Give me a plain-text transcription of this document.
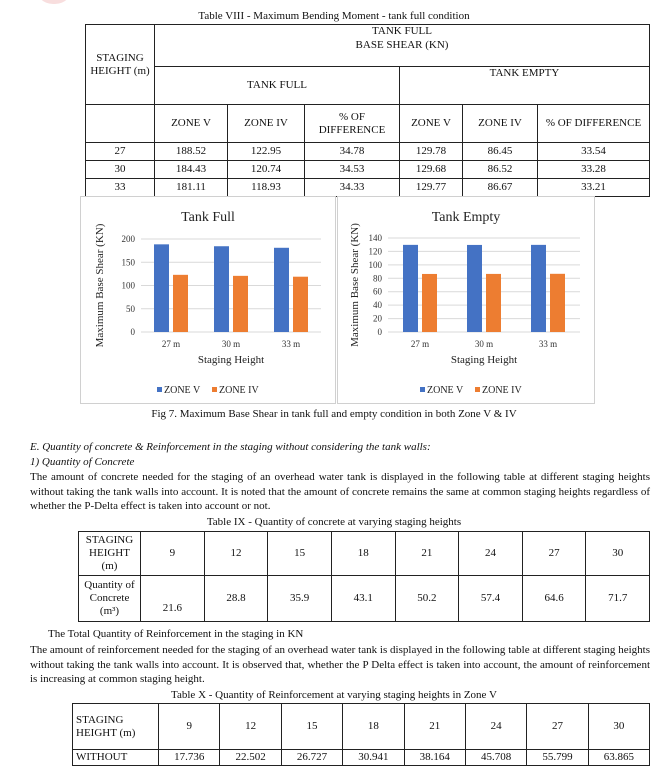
Table VIII - Maximum Bending Moment - tank full condition
STAGING HEIGHT (m)	TANK FULL					
	BASE SHEAR (KN)					
	TANK FULL			TANK EMPTY		
	ZONE V	ZONE IV	% OF DIFFERENCE	ZONE V	ZONE IV	% OF DIFFERENCE
27	188.52	122.95	34.78	129.78	86.45	33.54
30	184.43	120.74	34.53	129.68	86.52	33.28
33	181.11	118.93	34.33	129.77	86.67	33.21
Tank Full
0
50
100
150
200
Maximum Base Shear (KN)	27 m	30 m	33 m
Staging Height
ZONE V ZONE IV
Tank Empty
0
20
40
60
80
100
120
140
Maximum Base Shear (KN)	27 m	30 m	33 m
Staging Height
ZONE V ZONE IV
Fig 7. Maximum Base Shear in tank full and empty condition in both Zone V & IV
E. Quantity of concrete & Reinforcement in the staging without considering the tank walls:
1) Quantity of Concrete
The amount of concrete needed for the staging of an overhead water tank is displayed in the following table at different staging heights without taking the tank walls into account. It is noted that the amount of concrete remains the same at common staging heights regardless of whether the P-Delta effect is taken into account or not.
Table IX - Quantity of concrete at varying staging heights
STAGING HEIGHT (m)	9	12	15	18	21	24	27	30
Quantity of Concrete (m³)	21.6	28.8	35.9	43.1	50.2	57.4	64.6	71.7
The Total Quantity of Reinforcement in the staging in KN
The amount of reinforcement needed for the staging of an overhead water tank is displayed in the following table at different staging heights without taking the tank walls into account. It is observed that, whether the P Delta effect is taken into account, the amount of reinforcement is increasing at common staging height.
Table X - Quantity of Reinforcement at varying staging heights in Zone V
STAGING HEIGHT (m)	9	12	15	18	21	24	27	30
WITHOUT	17.736	22.502	26.727	30.941	38.164	45.708	55.799	63.865
